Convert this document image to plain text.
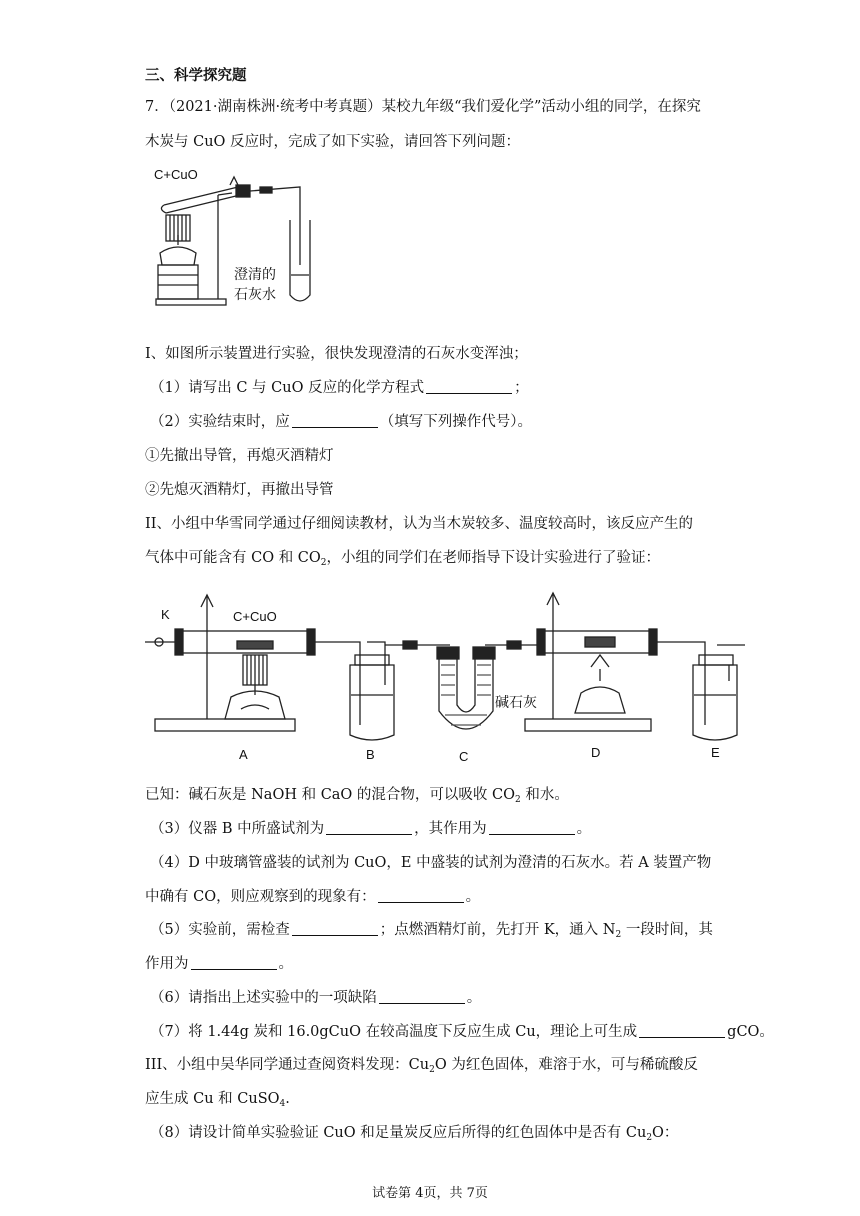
三、科学探究题
7．（2021·湖南株洲·统考中考真题）某校九年级“我们爱化学”活动小组的同学，在探究
木炭与 CuO 反应时，完成了如下实验，请回答下列问题：
C+CuO
澄清的
石灰水
I、如图所示装置进行实验，很快发现澄清的石灰水变浑浊；
（1）请写出 C 与 CuO 反应的化学方程式	；
（2）实验结束时，应	（填写下列操作代号）。
①先撤出导管，再熄灭酒精灯
②先熄灭酒精灯，再撤出导管
II、小组中华雪同学通过仔细阅读教材，认为当木炭较多、温度较高时，该反应产生的
气体中可能含有 CO 和 $CO_2$，小组的同学们在老师指导下设计实验进行了验证：
K	C+CuO
碱石灰
A	B	C	D	E
已知：碱石灰是 NaOH 和 CaO 的混合物，可以吸收 $CO_2$ 和水。
（3）仪器 B 中所盛试剂为	，其作用为	。
（4）D 中玻璃管盛装的试剂为 CuO，E 中盛装的试剂为澄清的石灰水。若 A 装置产物
中确有 CO，则应观察到的现象有：	。
（5）实验前，需检查	；点燃酒精灯前，先打开 K，通入 $N_2$ 一段时间，其
作用为	。
（6）请指出上述实验中的一项缺陷	。
（7）将 1.44g 炭和 16.0gCuO 在较高温度下反应生成 Cu，理论上可生成	gCO。
III、小组中吴华同学通过查阅资料发现：$Cu_2O$ 为红色固体，难溶于水，可与稀硫酸反
应生成 Cu 和 CuSO$_4$.
（8）请设计简单实验验证 CuO 和足量炭反应后所得的红色固体中是否有 $Cu_2O$：
试卷第 4页，共 7页
